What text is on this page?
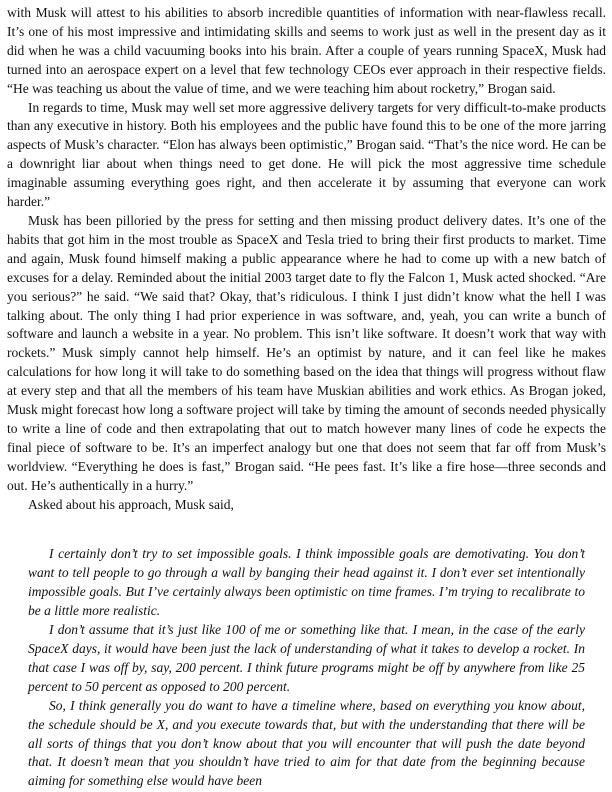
with Musk will attest to his abilities to absorb incredible quantities of information with near-flawless recall. It’s one of his most impressive and intimidating skills and seems to work just as well in the present day as it did when he was a child vacuuming books into his brain. After a couple of years running SpaceX, Musk had turned into an aerospace expert on a level that few technology CEOs ever approach in their respective fields. “He was teaching us about the value of time, and we were teaching him about rocketry,” Brogan said.

In regards to time, Musk may well set more aggressive delivery targets for very difficult-to-make products than any executive in history. Both his employees and the public have found this to be one of the more jarring aspects of Musk’s character. “Elon has always been optimistic,” Brogan said. “That’s the nice word. He can be a downright liar about when things need to get done. He will pick the most aggressive time schedule imaginable assuming everything goes right, and then accelerate it by assuming that everyone can work harder.”

Musk has been pilloried by the press for setting and then missing product delivery dates. It’s one of the habits that got him in the most trouble as SpaceX and Tesla tried to bring their first products to market. Time and again, Musk found himself making a public appearance where he had to come up with a new batch of excuses for a delay. Reminded about the initial 2003 target date to fly the Falcon 1, Musk acted shocked. “Are you serious?” he said. “We said that? Okay, that’s ridiculous. I think I just didn’t know what the hell I was talking about. The only thing I had prior experience in was software, and, yeah, you can write a bunch of software and launch a website in a year. No problem. This isn’t like software. It doesn’t work that way with rockets.” Musk simply cannot help himself. He’s an optimist by nature, and it can feel like he makes calculations for how long it will take to do something based on the idea that things will progress without flaw at every step and that all the members of his team have Muskian abilities and work ethics. As Brogan joked, Musk might forecast how long a software project will take by timing the amount of seconds needed physically to write a line of code and then extrapolating that out to match however many lines of code he expects the final piece of software to be. It’s an imperfect analogy but one that does not seem that far off from Musk’s worldview. “Everything he does is fast,” Brogan said. “He pees fast. It’s like a fire hose—three seconds and out. He’s authentically in a hurry.”

Asked about his approach, Musk said,

I certainly don’t try to set impossible goals. I think impossible goals are demotivating. You don’t want to tell people to go through a wall by banging their head against it. I don’t ever set intentionally impossible goals. But I’ve certainly always been optimistic on time frames. I’m trying to recalibrate to be a little more realistic.

I don’t assume that it’s just like 100 of me or something like that. I mean, in the case of the early SpaceX days, it would have been just the lack of understanding of what it takes to develop a rocket. In that case I was off by, say, 200 percent. I think future programs might be off by anywhere from like 25 percent to 50 percent as opposed to 200 percent.

So, I think generally you do want to have a timeline where, based on everything you know about, the schedule should be X, and you execute towards that, but with the understanding that there will be all sorts of things that you don’t know about that you will encounter that will push the date beyond that. It doesn’t mean that you shouldn’t have tried to aim for that date from the beginning because aiming for something else would have been
